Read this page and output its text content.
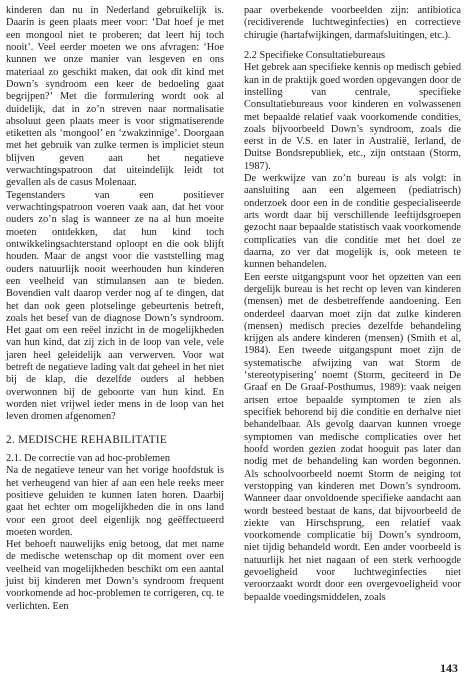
kinderen dan nu in Nederland gebruikelijk is. Daarin is geen plaats meer voor: ‘Dat hoef je met een mongool niet te proberen; dat leert hij toch nooit’. Veel eerder moeten we ons afvragen: ‘Hoe kunnen we onze manier van lesgeven en ons materiaal zo geschikt maken, dat ook dit kind met Down’s syndroom een keer de bedoeling gaat begrijpen?’ Met die formulering wordt ook al duidelijk, dat in zo’n streven naar normalisatie absoluut geen plaats meer is voor stigmatiserende etiketten als ‘mongool’ en ‘zwakzinnige’. Doorgaan met het gebruik van zulke termen is impliciet steun blijven geven aan het negatieve verwachtingspatroon dat uiteindelijk leidt tot gevallen als de casus Molenaar.

Tegenstanders van een positiever verwachtingspatroon voeren vaak aan, dat het voor ouders zo’n slag is wanneer ze na al hun moeite moeten ontdekken, dat hun kind toch ontwikkelingsachterstand oploopt en die ook blijft houden. Maar de angst voor die vaststelling mag ouders natuurlijk nooit weerhouden hun kinderen een veelheid van stimulansen aan te bieden. Bovendien valt daarop verder nog af te dingen, dat het dan ook geen plotselinge gebeurtenis betreft, zoals het besef van de diagnose Down’s syndroom. Het gaat om een reëel inzicht in de mogelijkheden van hun kind, dat zij zich in de loop van vele, vele jaren heel geleidelijk aan verwerven. Voor wat betreft de negatieve lading valt dat geheel in het niet bij de klap, die dezelfde ouders al hebben overwonnen bij de geboorte van hun kind. En worden niet vrijwel ieder mens in de loop van het leven dromen afgenomen?

2. MEDISCHE REHABILITATIE

2.1. De correctie van ad hoc-problemen

Na de negatieve teneur van het vorige hoofdstuk is het verheugend van hier af aan een hele reeks meer positieve geluiden te kunnen laten horen. Daarbij gaat het echter om mogelijkheden die in ons land voor een groot deel eigenlijk nog geëffectueerd moeten worden.

Het behoeft nauwelijks enig betoog, dat met name de medische wetenschap op dit moment over een veelheid van mogelijkheden beschikt om een aantal juist bij kinderen met Down’s syndroom frequent voorkomende ad hoc-problemen te corrigeren, cq. te verlichten. Een

paar overbekende voorbeelden zijn: antibiotica (recidiverende luchtweginfecties) en correctieve chirugie (hartafwijkingen, darmafsluitingen, etc.).

2.2 Specifieke Consultatiebureaus

Het gebrek aan specifieke kennis op medisch gebied kan in de praktijk goed worden opgevangen door de instelling van centrale, specifieke Consultatiebureaus voor kinderen en volwassenen met bepaalde relatief vaak voorkomende condities, zoals bijvoorbeeld Down’s syndroom, zoals die eerst in de V.S. en later in Australië, Ierland, de Duitse Bondsrepubliek, etc., zijn ontstaan (Storm, 1987).

De werkwijze van zo’n bureau is als volgt: in aansluiting aan een algemeen (pediatrisch) onderzoek door een in de conditie gespecialiseerde arts wordt daar bij verschillende leeftijdsgroepen gezocht naar bepaalde statistisch vaak voorkomende complicaties van die conditie met het doel ze daarna, zo ver dat mogelijk is, ook meteen te kunnen behandelen.

Een eerste uitgangspunt voor het opzetten van een dergelijk bureau is het recht op leven van kinderen (mensen) met de desbetreffende aandoening. Een onderdeel daarvan moet zijn dat zulke kinderen (mensen) medisch precies dezelfde behandeling krijgen als andere kinderen (mensen) (Smith et al, 1984). Een tweede uitgangspunt moet zijn de systematische afwijzing van wat Storm de ‘stereotypisering’ noemt (Storm, geciteerd in De Graaf en De Graaf-Posthumus, 1989): vaak neigen artsen ertoe bepaalde symptomen te zien als specifiek behorend bij die conditie en derhalve niet behandelbaar. Als gevolg daarvan kunnen vroege symptomen van medische complicaties over het hoofd worden gezien zodat hooguit pas later dan nodig met de behandeling kan worden begonnen. Als schoolvoorbeeld noemt Storm de neiging tot verstopping van kinderen met Down’s syndroom. Wanneer daar onvoldoende specifieke aandacht aan wordt besteed bestaat de kans, dat bijvoorbeeld de ziekte van Hirschsprung, een relatief vaak voorkomende complicatie bij Down’s syndroom, niet tijdig behandeld wordt. Een ander voorbeeld is natuurlijk het niet nagaan of een sterk verhoogde gevoeligheid voor luchtweginfecties niet veroorzaakt wordt door een overgevoeligheid voor bepaalde voedingsmiddelen, zoals

143
